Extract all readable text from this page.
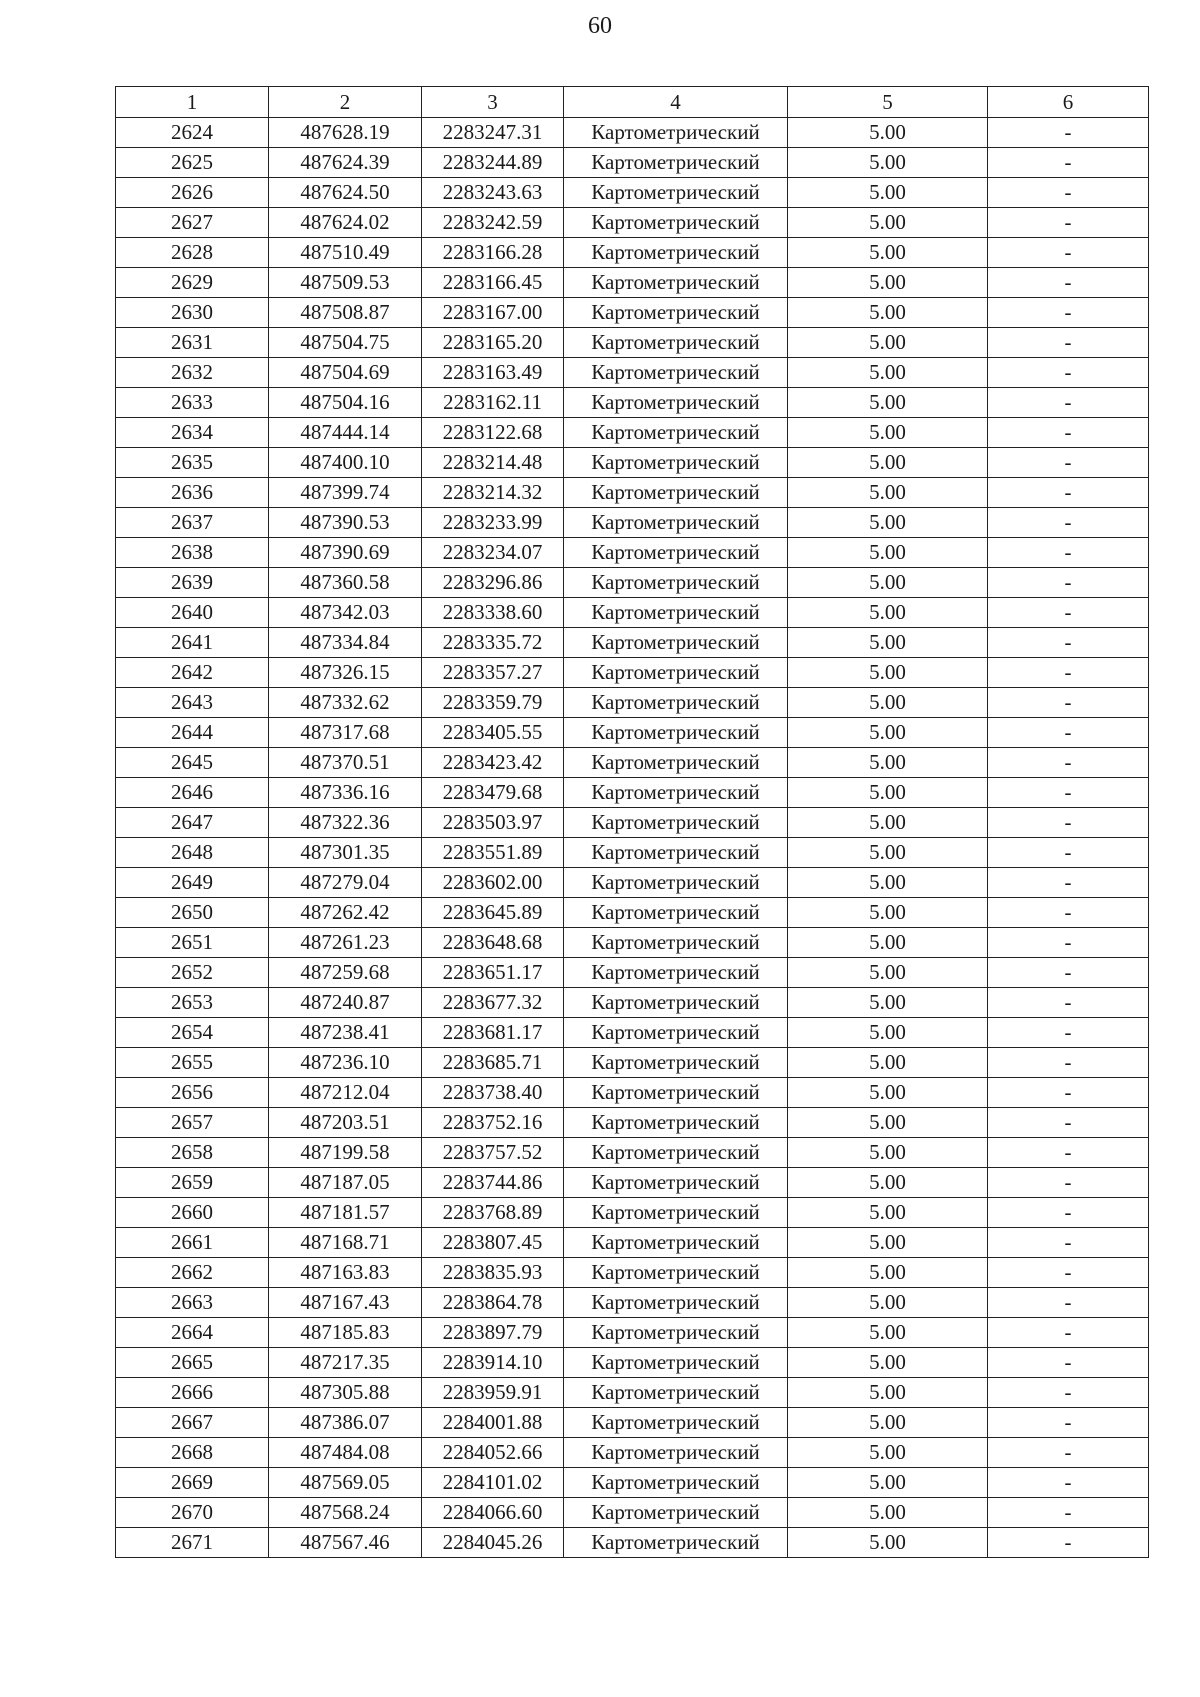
60
1	2	3	4	5	6
2624	487628.19	2283247.31	Картометрический	5.00	-
2625	487624.39	2283244.89	Картометрический	5.00	-
2626	487624.50	2283243.63	Картометрический	5.00	-
2627	487624.02	2283242.59	Картометрический	5.00	-
2628	487510.49	2283166.28	Картометрический	5.00	-
2629	487509.53	2283166.45	Картометрический	5.00	-
2630	487508.87	2283167.00	Картометрический	5.00	-
2631	487504.75	2283165.20	Картометрический	5.00	-
2632	487504.69	2283163.49	Картометрический	5.00	-
2633	487504.16	2283162.11	Картометрический	5.00	-
2634	487444.14	2283122.68	Картометрический	5.00	-
2635	487400.10	2283214.48	Картометрический	5.00	-
2636	487399.74	2283214.32	Картометрический	5.00	-
2637	487390.53	2283233.99	Картометрический	5.00	-
2638	487390.69	2283234.07	Картометрический	5.00	-
2639	487360.58	2283296.86	Картометрический	5.00	-
2640	487342.03	2283338.60	Картометрический	5.00	-
2641	487334.84	2283335.72	Картометрический	5.00	-
2642	487326.15	2283357.27	Картометрический	5.00	-
2643	487332.62	2283359.79	Картометрический	5.00	-
2644	487317.68	2283405.55	Картометрический	5.00	-
2645	487370.51	2283423.42	Картометрический	5.00	-
2646	487336.16	2283479.68	Картометрический	5.00	-
2647	487322.36	2283503.97	Картометрический	5.00	-
2648	487301.35	2283551.89	Картометрический	5.00	-
2649	487279.04	2283602.00	Картометрический	5.00	-
2650	487262.42	2283645.89	Картометрический	5.00	-
2651	487261.23	2283648.68	Картометрический	5.00	-
2652	487259.68	2283651.17	Картометрический	5.00	-
2653	487240.87	2283677.32	Картометрический	5.00	-
2654	487238.41	2283681.17	Картометрический	5.00	-
2655	487236.10	2283685.71	Картометрический	5.00	-
2656	487212.04	2283738.40	Картометрический	5.00	-
2657	487203.51	2283752.16	Картометрический	5.00	-
2658	487199.58	2283757.52	Картометрический	5.00	-
2659	487187.05	2283744.86	Картометрический	5.00	-
2660	487181.57	2283768.89	Картометрический	5.00	-
2661	487168.71	2283807.45	Картометрический	5.00	-
2662	487163.83	2283835.93	Картометрический	5.00	-
2663	487167.43	2283864.78	Картометрический	5.00	-
2664	487185.83	2283897.79	Картометрический	5.00	-
2665	487217.35	2283914.10	Картометрический	5.00	-
2666	487305.88	2283959.91	Картометрический	5.00	-
2667	487386.07	2284001.88	Картометрический	5.00	-
2668	487484.08	2284052.66	Картометрический	5.00	-
2669	487569.05	2284101.02	Картометрический	5.00	-
2670	487568.24	2284066.60	Картометрический	5.00	-
2671	487567.46	2284045.26	Картометрический	5.00	-
